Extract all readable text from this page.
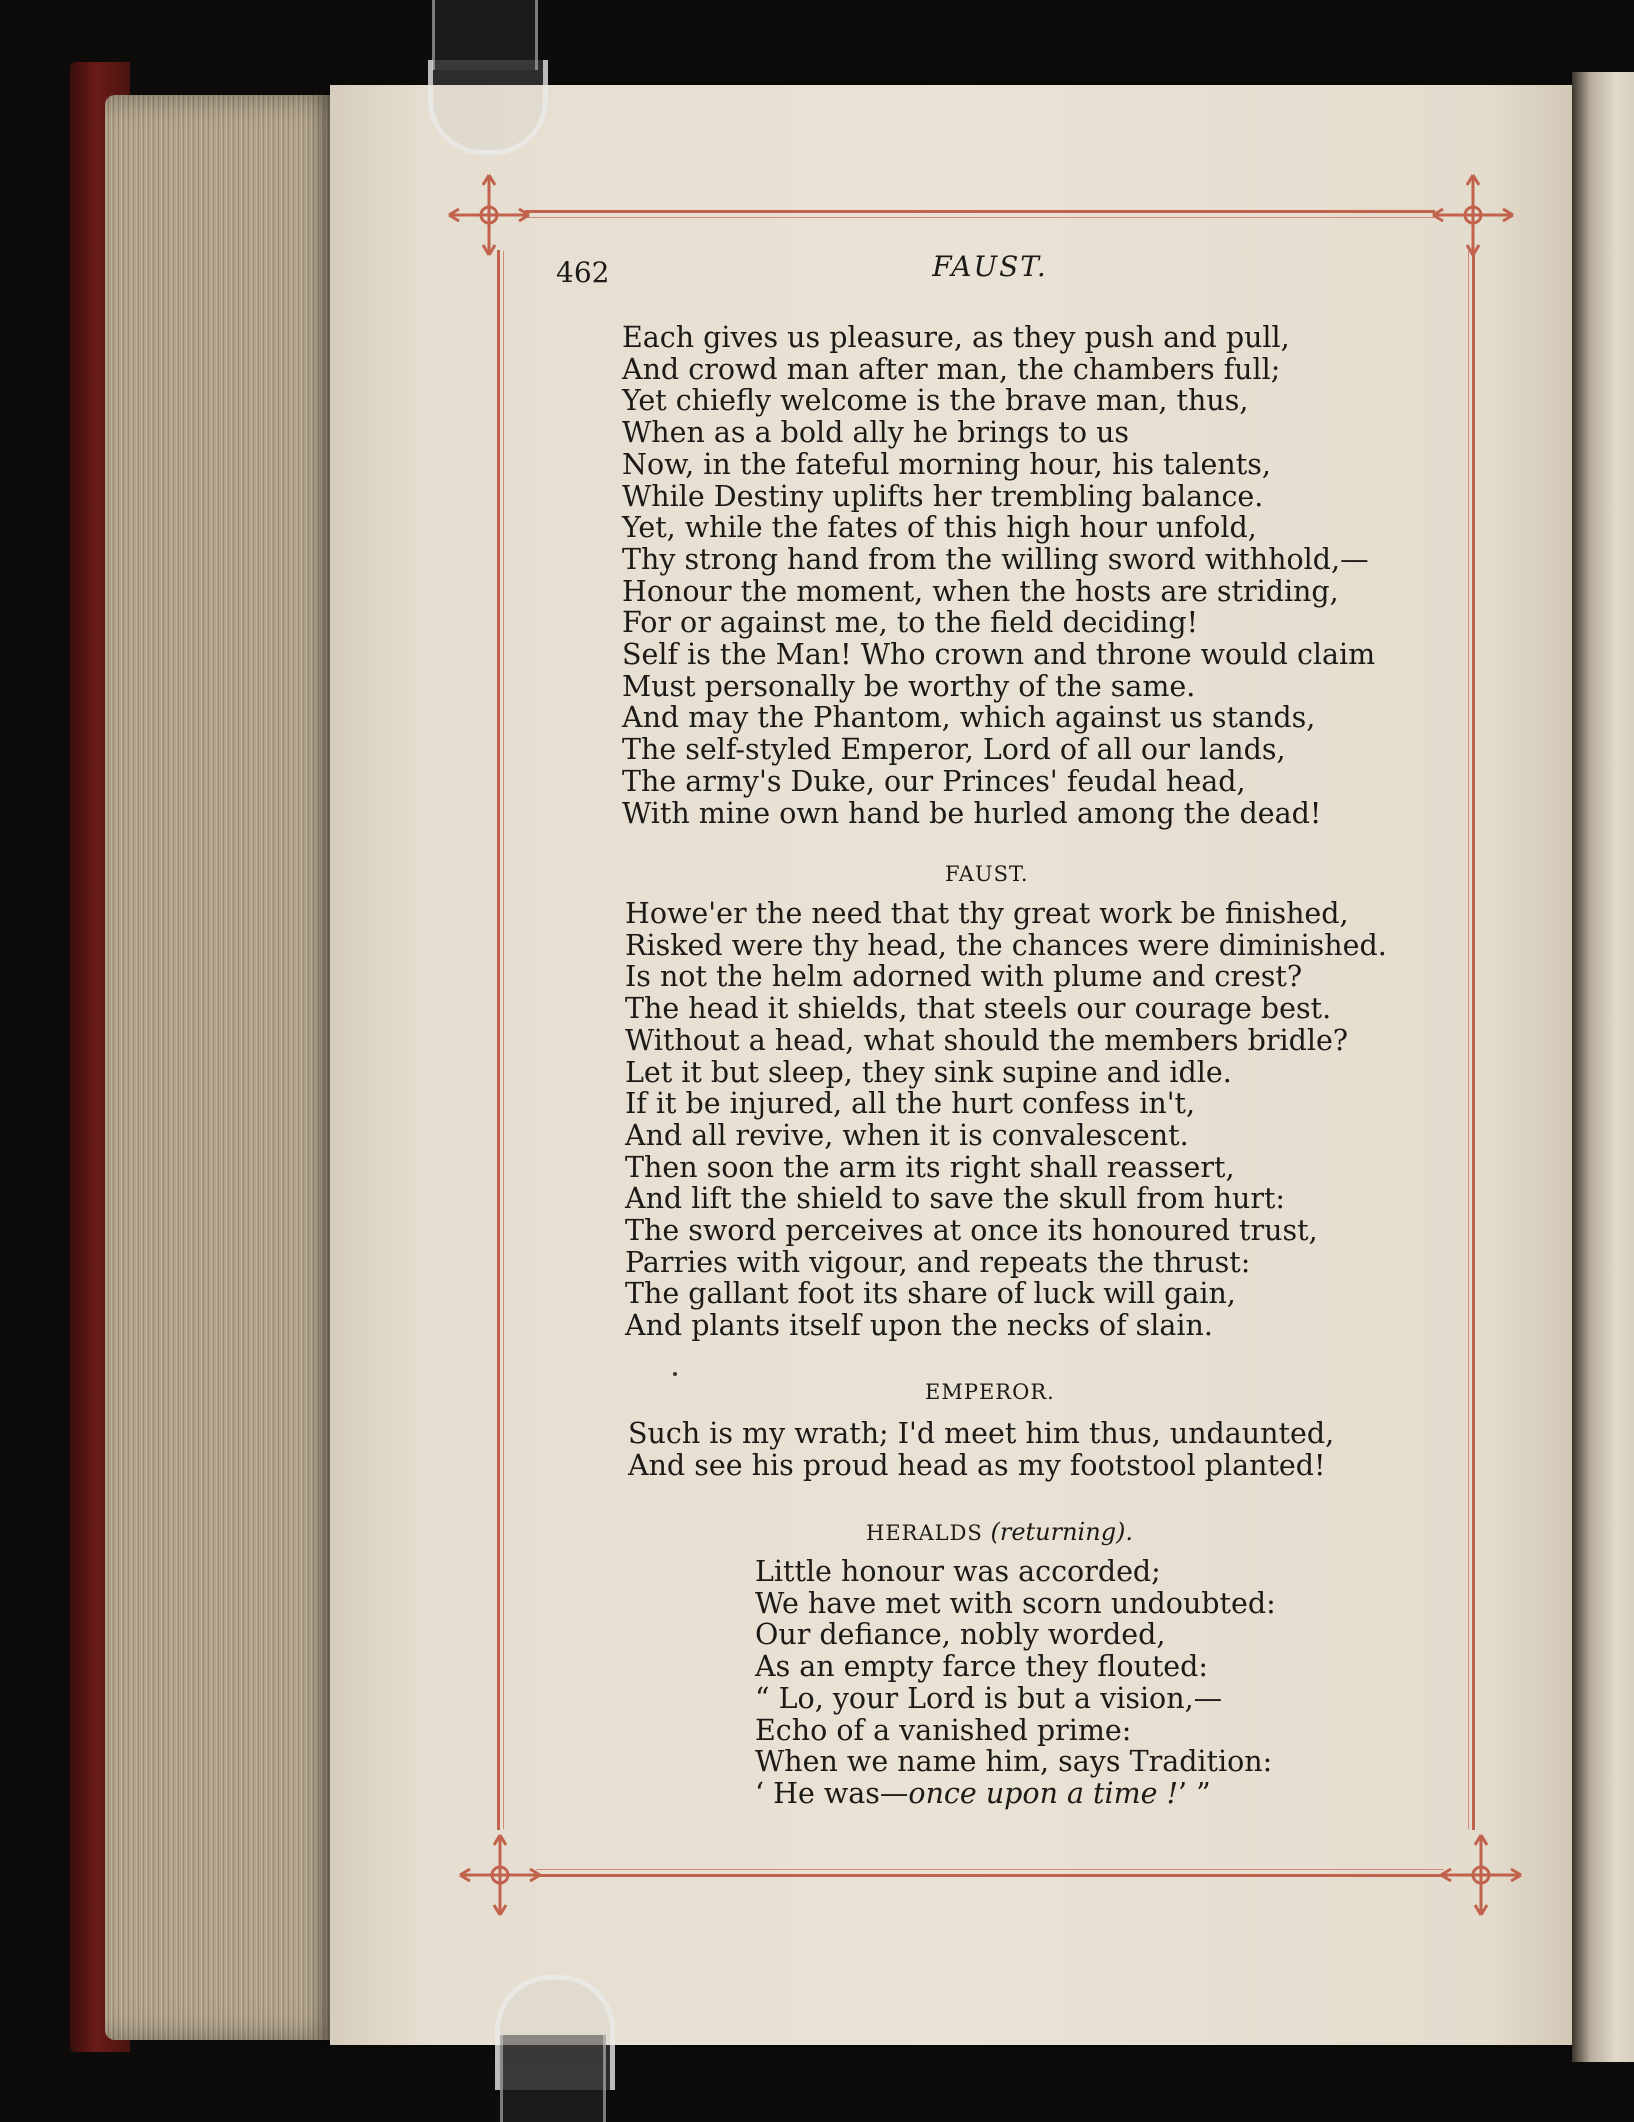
462	FAUST.
Each gives us pleasure, as they push and pull,
And crowd man after man, the chambers full;
Yet chiefly welcome is the brave man, thus,
When as a bold ally he brings to us
Now, in the fateful morning hour, his talents,
While Destiny uplifts her trembling balance.
Yet, while the fates of this high hour unfold,
Thy strong hand from the willing sword withhold,—
Honour the moment, when the hosts are striding,
For or against me, to the field deciding!
Self is the Man! Who crown and throne would claim
Must personally be worthy of the same.
And may the Phantom, which against us stands,
The self-styled Emperor, Lord of all our lands,
The army's Duke, our Princes' feudal head,
With mine own hand be hurled among the dead!
FAUST.
Howe'er the need that thy great work be finished,
Risked were thy head, the chances were diminished.
Is not the helm adorned with plume and crest?
The head it shields, that steels our courage best.
Without a head, what should the members bridle?
Let it but sleep, they sink supine and idle.
If it be injured, all the hurt confess in't,
And all revive, when it is convalescent.
Then soon the arm its right shall reassert,
And lift the shield to save the skull from hurt:
The sword perceives at once its honoured trust,
Parries with vigour, and repeats the thrust:
The gallant foot its share of luck will gain,
And plants itself upon the necks of slain.
EMPEROR.
Such is my wrath; I'd meet him thus, undaunted,
And see his proud head as my footstool planted!
HERALDS (returning).
Little honour was accorded;
We have met with scorn undoubted:
Our defiance, nobly worded,
As an empty farce they flouted:
“ Lo, your Lord is but a vision,—
Echo of a vanished prime:
When we name him, says Tradition:
‘ He was—once upon a time !’ ”
